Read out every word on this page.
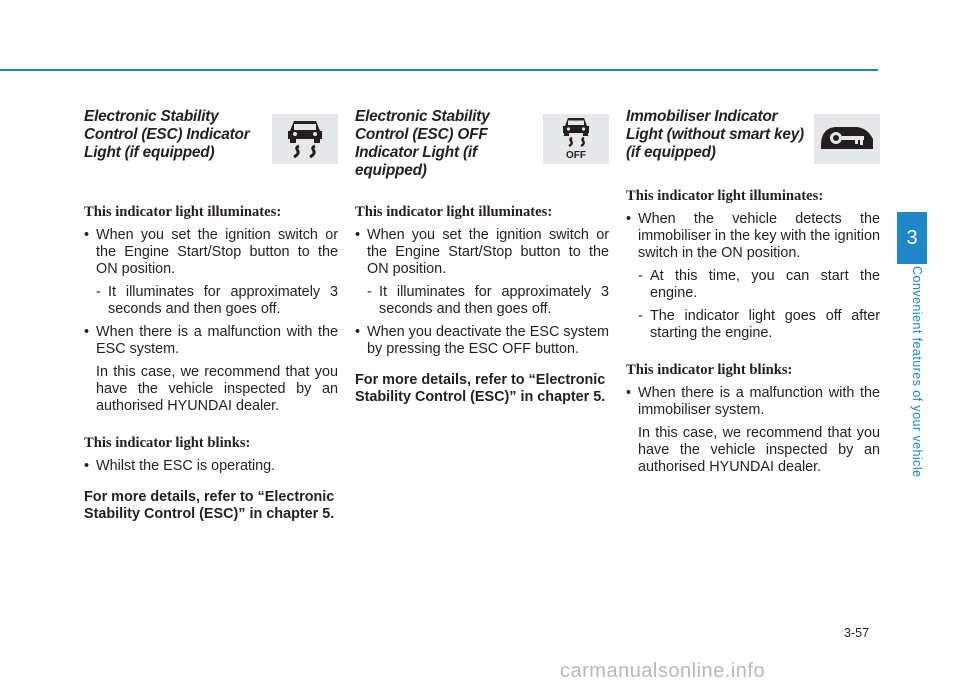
Electronic Stability Control (ESC) Indicator Light (if equipped)

This indicator light illuminates:

• When you set the ignition switch or the Engine Start/Stop button to the ON position.

- It illuminates for approximately 3 seconds and then goes off.

• When there is a malfunction with the ESC system.

In this case, we recommend that you have the vehicle inspected by an authorised HYUNDAI dealer.

This indicator light blinks:

• Whilst the ESC is operating.

For more details, refer to “Electronic Stability Control (ESC)” in chapter 5.

Electronic Stability Control (ESC) OFF Indicator Light (if equipped)

OFF

This indicator light illuminates:

• When you set the ignition switch or the Engine Start/Stop button to the ON position.

- It illuminates for approximately 3 seconds and then goes off.

• When you deactivate the ESC system by pressing the ESC OFF button.

For more details, refer to “Electronic Stability Control (ESC)” in chapter 5.

Immobiliser Indicator Light (without smart key) (if equipped)

This indicator light illuminates:

• When the vehicle detects the immobiliser in the key with the ignition switch in the ON position.

- At this time, you can start the engine.

- The indicator light goes off after starting the engine.

This indicator light blinks:

• When there is a malfunction with the immobiliser system.

In this case, we recommend that you have the vehicle inspected by an authorised HYUNDAI dealer.

3
Convenient features of your vehicle
3-57
carmanualsonline.info
